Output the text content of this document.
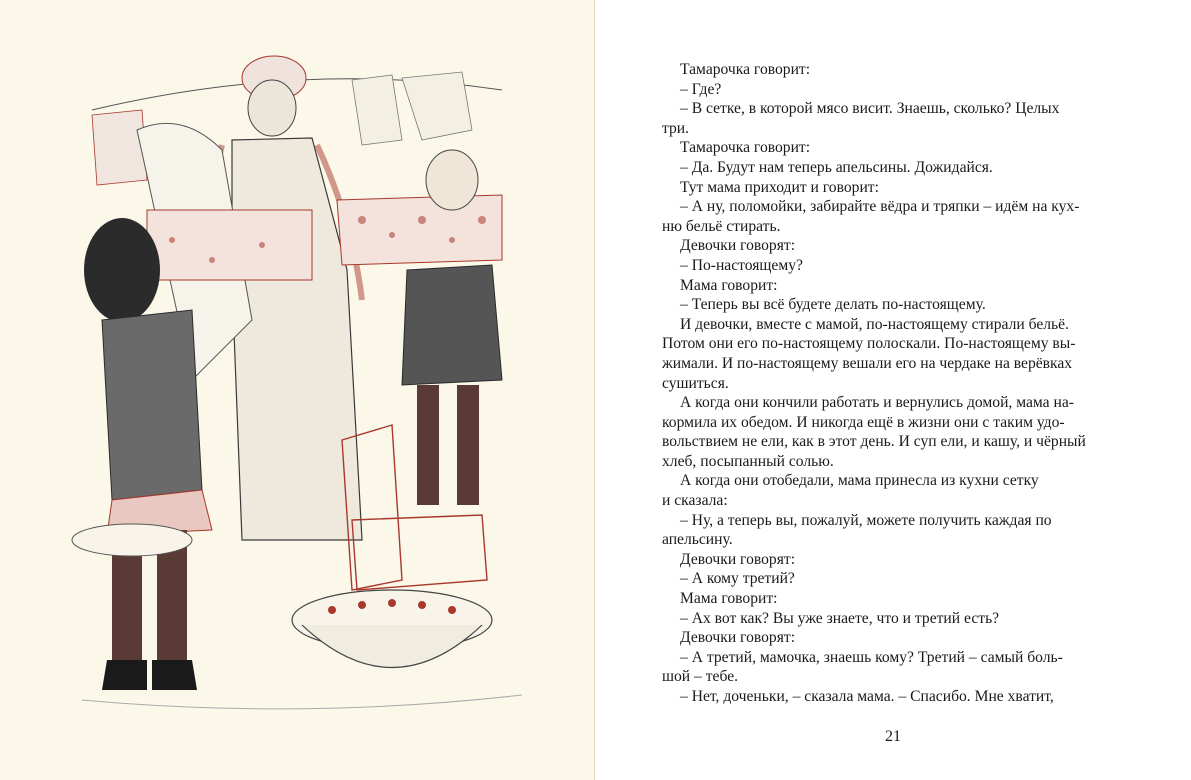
Тамарочка говорит:

– Где?

– В сетке, в которой мясо висит. Знаешь, сколько? Целых

три.

Тамарочка говорит:

– Да. Будут нам теперь апельсины. Дожидайся.

Тут мама приходит и говорит:

– А ну, поломойки, забирайте вёдра и тряпки – идём на кух-

ню бельё стирать.

Девочки говорят:

– По-настоящему?

Мама говорит:

– Теперь вы всё будете делать по-настоящему.

И девочки, вместе с мамой, по-настоящему стирали бельё.

Потом они его по-настоящему полоскали. По-настоящему вы-

жимали. И по-настоящему вешали его на чердаке на верёвках

сушиться.

А когда они кончили работать и вернулись домой, мама на-

кормила их обедом. И никогда ещё в жизни они с таким удо-

вольствием не ели, как в этот день. И суп ели, и кашу, и чёрный

хлеб, посыпанный солью.

А когда они отобедали, мама принесла из кухни сетку

и сказала:

– Ну, а теперь вы, пожалуй, можете получить каждая по

апельсину.

Девочки говорят:

– А кому третий?

Мама говорит:

– Ах вот как? Вы уже знаете, что и третий есть?

Девочки говорят:

– А третий, мамочка, знаешь кому? Третий – самый боль-

шой – тебе.

– Нет, доченьки, – сказала мама. – Спасибо. Мне хватит,

21
